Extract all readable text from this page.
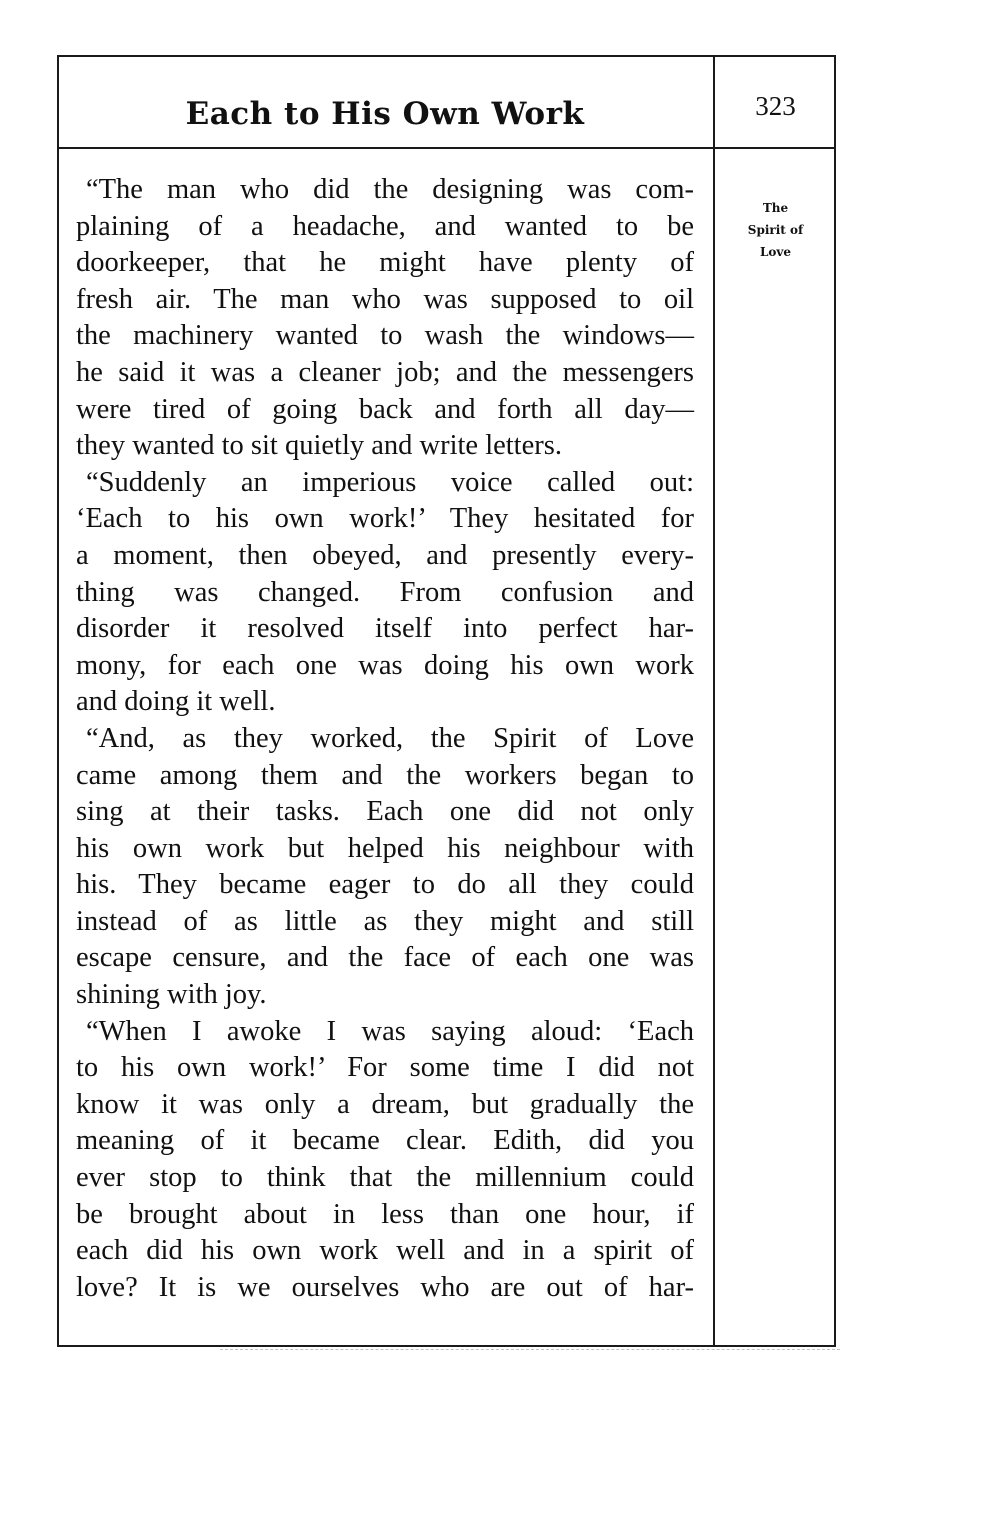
Each to His Own Work	323
The
Spirit of
Love
“The man who did the designing was com-
plaining of a headache, and wanted to be
doorkeeper, that he might have plenty of
fresh air. The man who was supposed to oil
the machinery wanted to wash the windows—
he said it was a cleaner job; and the messengers
were tired of going back and forth all day—
they wanted to sit quietly and write letters.
“Suddenly an imperious voice called out:
‘Each to his own work!’ They hesitated for
a moment, then obeyed, and presently every-
thing was changed. From confusion and
disorder it resolved itself into perfect har-
mony, for each one was doing his own work
and doing it well.
“And, as they worked, the Spirit of Love
came among them and the workers began to
sing at their tasks. Each one did not only
his own work but helped his neighbour with
his. They became eager to do all they could
instead of as little as they might and still
escape censure, and the face of each one was
shining with joy.
“When I awoke I was saying aloud: ‘Each
to his own work!’ For some time I did not
know it was only a dream, but gradually the
meaning of it became clear. Edith, did you
ever stop to think that the millennium could
be brought about in less than one hour, if
each did his own work well and in a spirit of
love? It is we ourselves who are out of har-
